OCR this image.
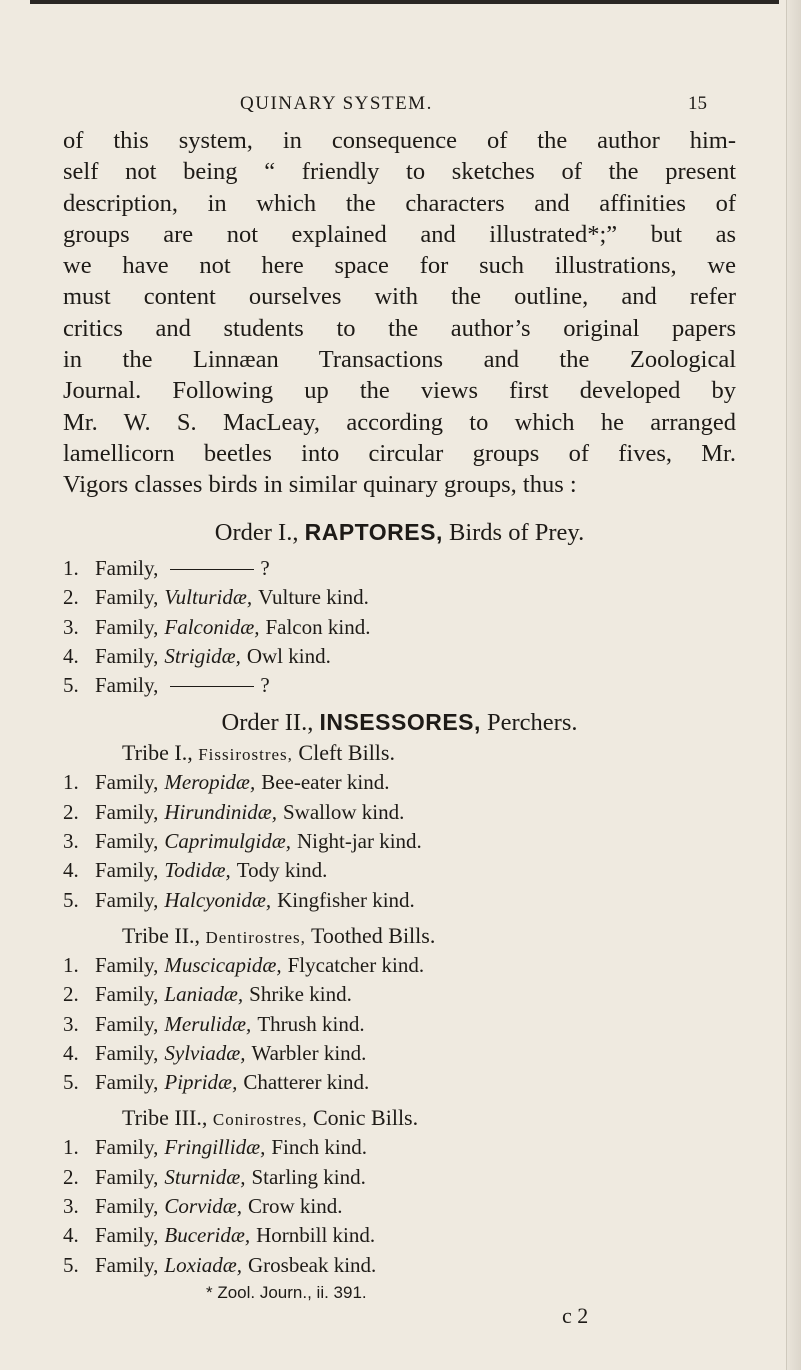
QUINARY SYSTEM.	15
of this system, in consequence of the author him-
self not being “ friendly to sketches of the present
description, in which the characters and affinities of
groups are not explained and illustrated*;” but as
we have not here space for such illustrations, we
must content ourselves with the outline, and refer
critics and students to the author’s original papers
in the Linnæan Transactions and the Zoological
Journal. Following up the views first developed by
Mr. W. S. MacLeay, according to which he arranged
lamellicorn beetles into circular groups of fives, Mr.
Vigors classes birds in similar quinary groups, thus :
Order I., RAPTORES, Birds of Prey.
1. Family,	?
2. Family, Vulturidæ, Vulture kind.
3. Family, Falconidæ, Falcon kind.
4. Family, Strigidæ, Owl kind.
5. Family,	?
Order II., INSESSORES, Perchers.
Tribe I., Fissirostres, Cleft Bills.
1. Family, Meropidæ, Bee-eater kind.
2. Family, Hirundinidæ, Swallow kind.
3. Family, Caprimulgidæ, Night-jar kind.
4. Family, Todidæ, Tody kind.
5. Family, Halcyonidæ, Kingfisher kind.
Tribe II., Dentirostres, Toothed Bills.
1. Family, Muscicapidæ, Flycatcher kind.
2. Family, Laniadæ, Shrike kind.
3. Family, Merulidæ, Thrush kind.
4. Family, Sylviadæ, Warbler kind.
5. Family, Pipridæ, Chatterer kind.
Tribe III., Conirostres, Conic Bills.
1. Family, Fringillidæ, Finch kind.
2. Family, Sturnidæ, Starling kind.
3. Family, Corvidæ, Crow kind.
4. Family, Buceridæ, Hornbill kind.
5. Family, Loxiadæ, Grosbeak kind.
* Zool. Journ., ii. 391.
c 2
